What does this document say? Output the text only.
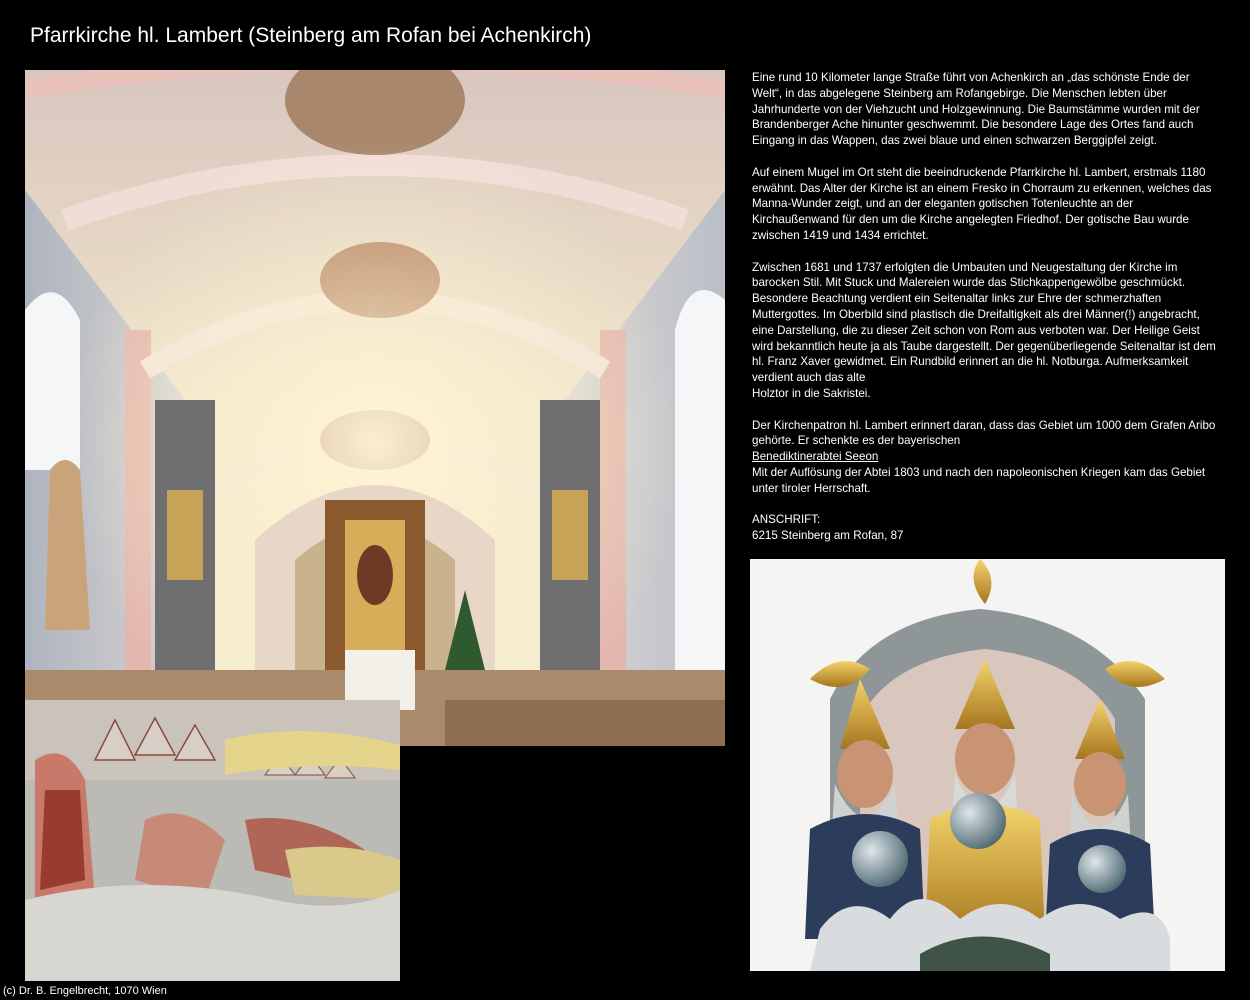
Pfarrkirche hl. Lambert (Steinberg am Rofan bei Achenkirch)

Eine rund 10 Kilometer lange Straße führt von Achenkirch an „das schönste Ende der Welt“, in das abgelegene Steinberg am Rofangebirge. Die Menschen lebten über Jahrhunderte von der Viehzucht und Holzgewinnung. Die Baumstämme wurden mit der Brandenberger Ache hinunter geschwemmt. Die besondere Lage des Ortes fand auch Eingang in das Wappen, das zwei blaue und einen schwarzen Berggipfel zeigt.

Auf einem Mugel im Ort steht die beeindruckende Pfarrkirche hl. Lambert, erstmals 1180 erwähnt. Das Alter der Kirche ist an einem Fresko in Chorraum zu erkennen, welches das Manna-Wunder zeigt, und an der eleganten gotischen Totenleuchte an der Kirchaußenwand für den um die Kirche angelegten Friedhof. Der gotische Bau wurde zwischen 1419 und 1434 errichtet.

Zwischen 1681 und 1737 erfolgten die Umbauten und Neugestaltung der Kirche im barocken Stil. Mit Stuck und Malereien wurde das Stichkappengewölbe geschmückt. Besondere Beachtung verdient ein Seitenaltar links zur Ehre der schmerzhaften Muttergottes. Im Oberbild sind plastisch die Dreifaltigkeit als drei Männer(!) angebracht, eine Darstellung, die zu dieser Zeit schon von Rom aus verboten war. Der Heilige Geist wird bekanntlich heute ja als Taube dargestellt. Der gegenüberliegende Seitenaltar ist dem hl. Franz Xaver gewidmet. Ein Rundbild erinnert an die hl. Notburga. Aufmerksamkeit verdient auch das alte
Holztor in die Sakristei.

Der Kirchenpatron hl. Lambert erinnert daran, dass das Gebiet um 1000 dem Grafen Aribo gehörte. Er schenkte es der bayerischen
Benediktinerabtei Seeon
Mit der Auflösung der Abtei 1803 und nach den napoleonischen Kriegen kam das Gebiet unter tiroler Herrschaft.

ANSCHRIFT:
6215 Steinberg am Rofan, 87

(c) Dr. B. Engelbrecht, 1070 Wien
